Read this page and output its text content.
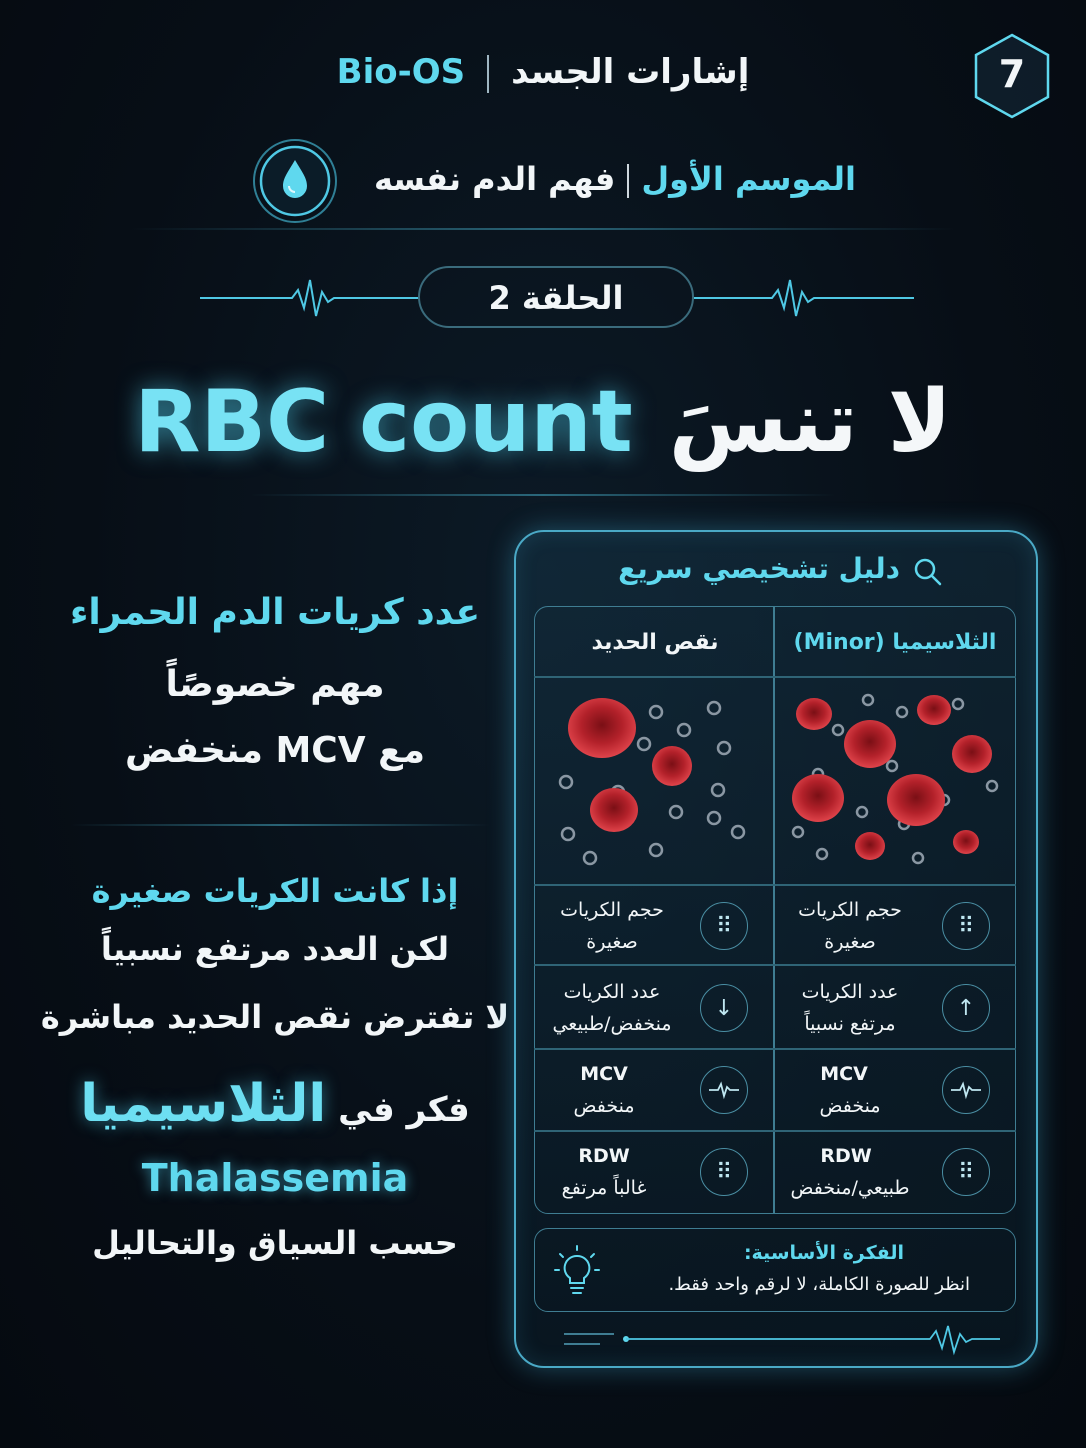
Bio-OS إشارات الجسد	7
الموسم الأولفهم الدم نفسه
الحلقة 2
RBC count لا تنسَ
عدد كريات الدم الحمراء
مهم خصوصًاً
مع MCV منخفض
إذا كانت الكريات صغيرة
لكن العدد مرتفع نسبياً
لا تفترض نقص الحديد مباشرة
فكر في الثلاسيميا
Thalassemia
حسب السياق والتحاليل
دليل تشخيصي سريع
الثلاسيميا (Minor)
نقص الحديد
⠿
حجم الكريات
صغيرة
↑
عدد الكريات
مرتفع نسبياً
MCV
منخفض
⠿
RDW
طبيعي/منخفض
⠿
حجم الكريات
صغيرة
↓
عدد الكريات
منخفض/طبيعي
MCV
منخفض
⠿
RDW
غالباً مرتفع
الفكرة الأساسية:
انظر للصورة الكاملة، لا لرقم واحد فقط.
